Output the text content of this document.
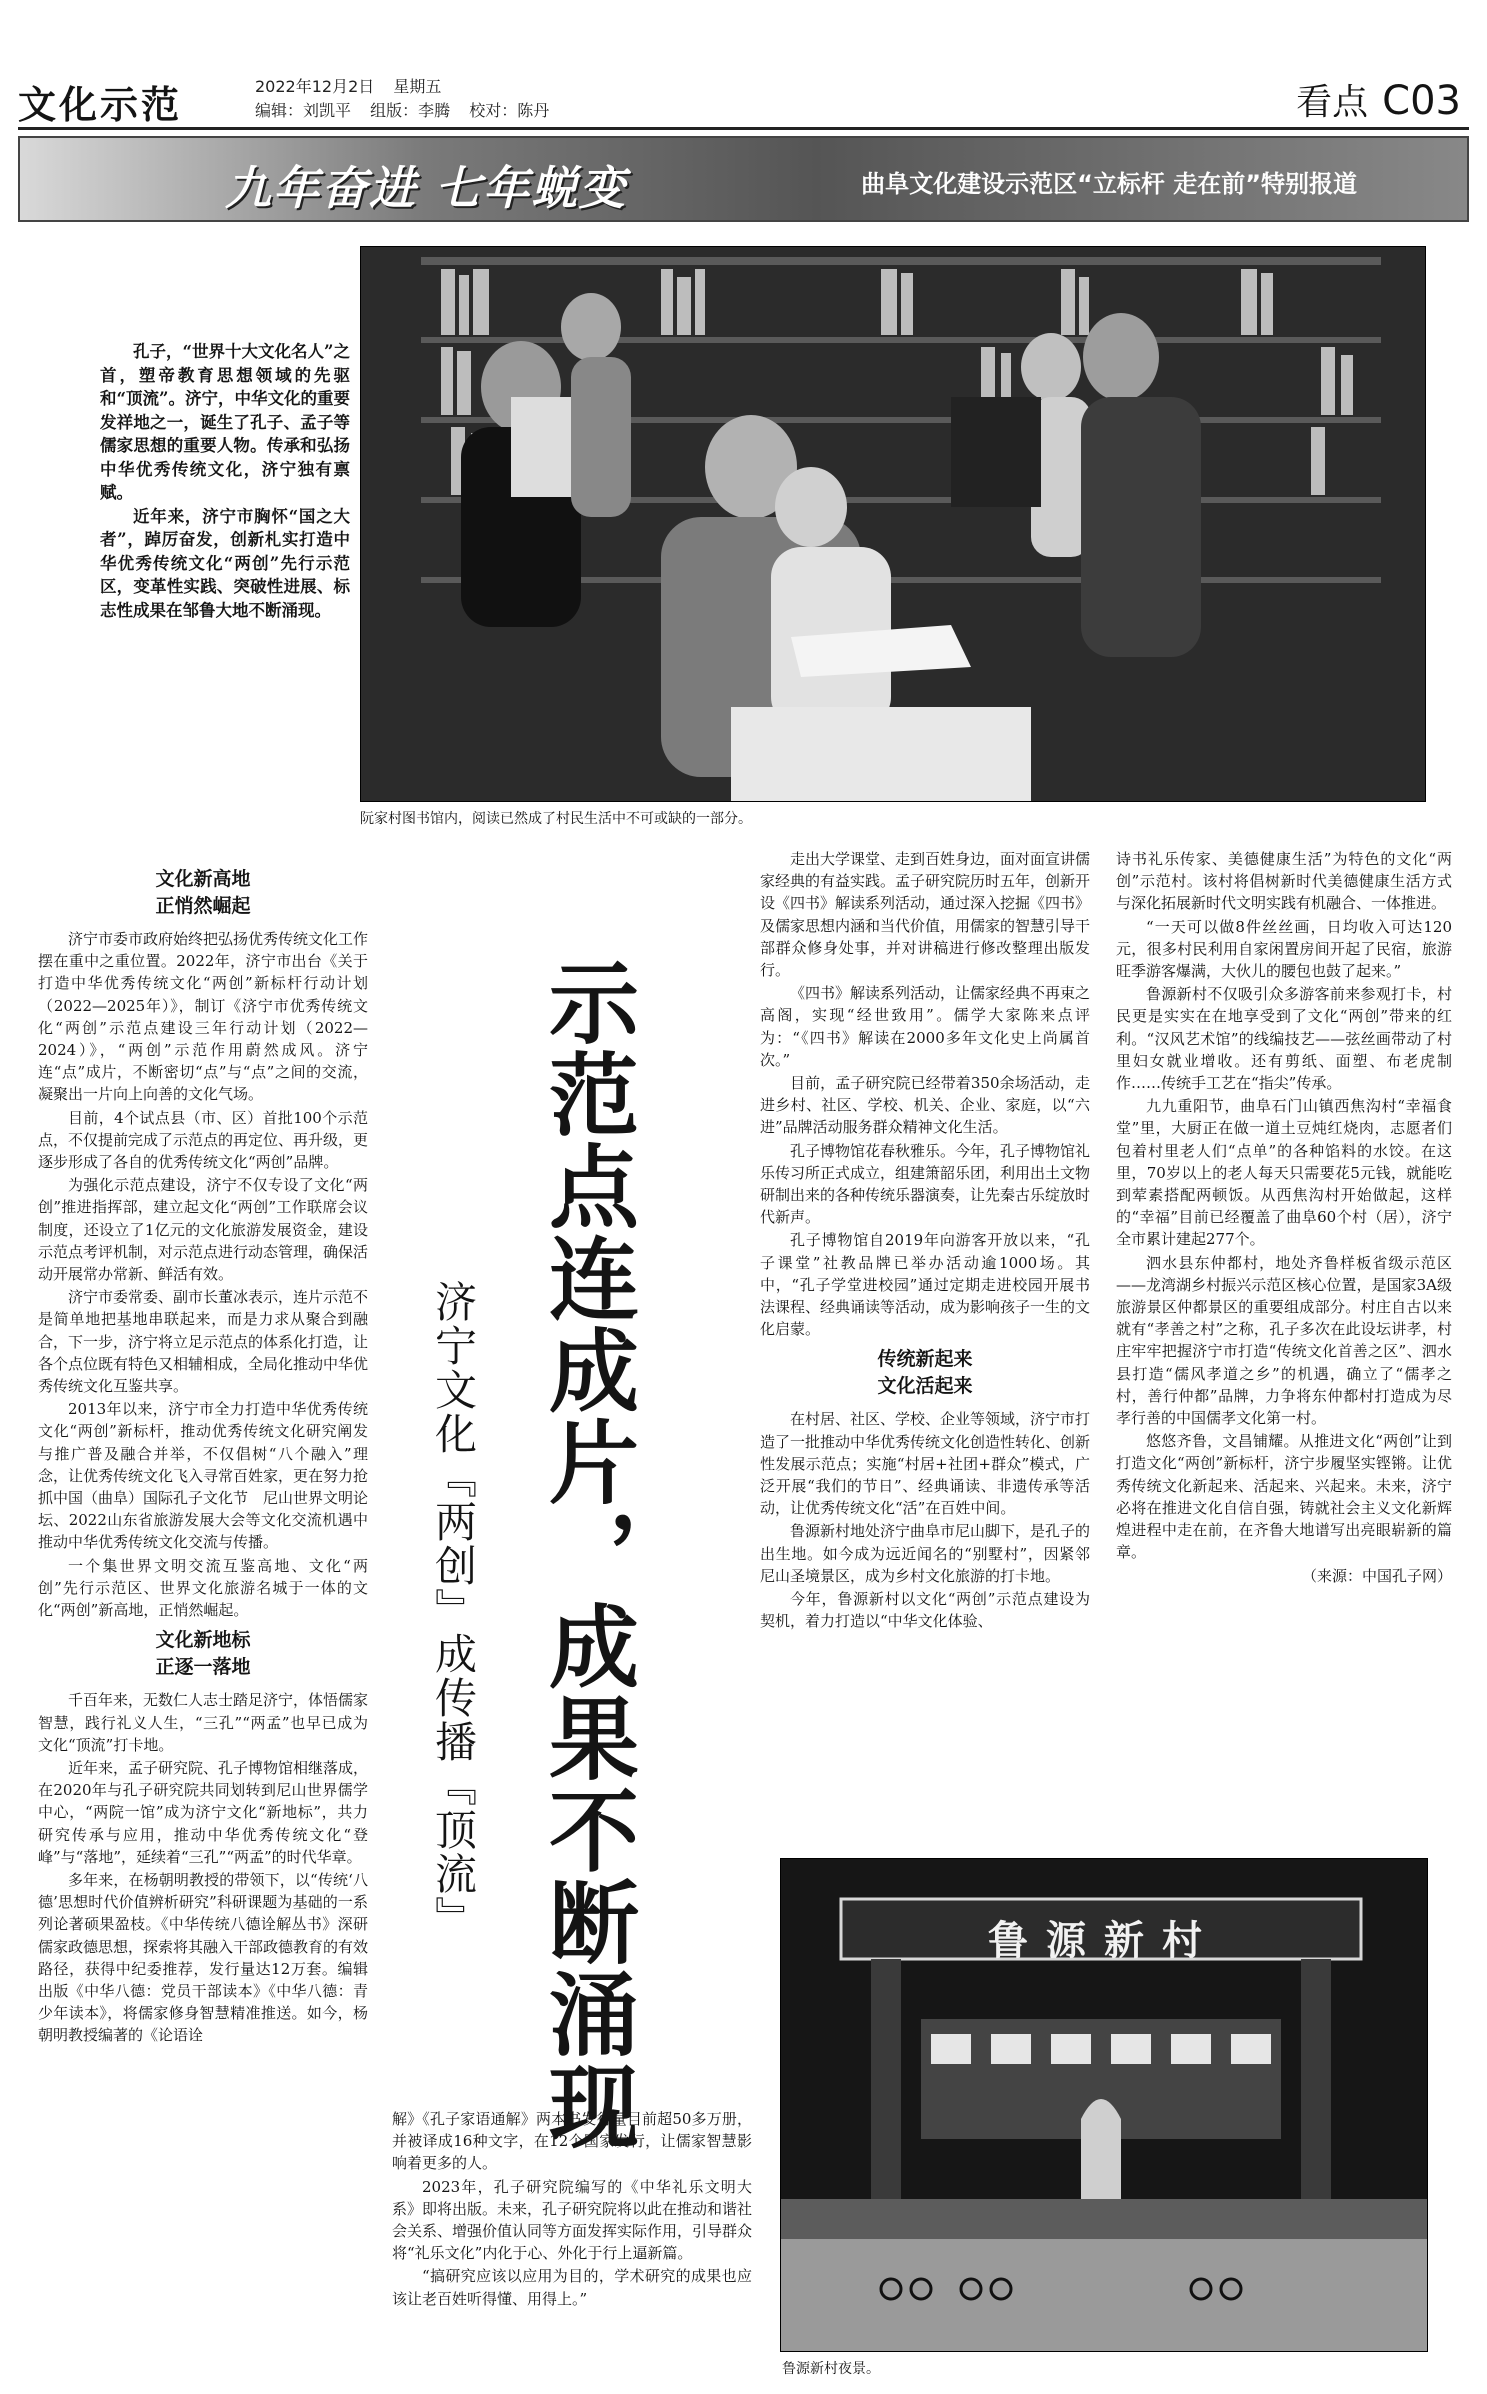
文化示范	2022年12月2日 星期五
编辑：刘凯平 组版：李腾 校对：陈丹	看点 C03
九年奋进 七年蜕变	曲阜文化建设示范区“立标杆 走在前”特别报道
阮家村图书馆内，阅读已然成了村民生活中不可或缺的一部分。

孔子，“世界十大文化名人”之首，塑帝教育思想领域的先驱和“顶流”。济宁，中华文化的重要发祥地之一，诞生了孔子、孟子等儒家思想的重要人物。传承和弘扬中华优秀传统文化，济宁独有禀赋。

近年来，济宁市胸怀“国之大者”，踔厉奋发，创新札实打造中华优秀传统文化“两创”先行示范区，变革性实践、突破性进展、标志性成果在邹鲁大地不断涌现。

文化新高地
正悄然崛起

济宁市委市政府始终把弘扬优秀传统文化工作摆在重中之重位置。2022年，济宁市出台《关于打造中华优秀传统文化“两创”新标杆行动计划（2022—2025年）》，制订《济宁市优秀传统文化“两创”示范点建设三年行动计划（2022—2024）》，“两创”示范作用蔚然成风。济宁连“点”成片，不断密切“点”与“点”之间的交流，凝聚出一片向上向善的文化气场。

目前，4个试点县（市、区）首批100个示范点，不仅提前完成了示范点的再定位、再升级，更逐步形成了各自的优秀传统文化“两创”品牌。

为强化示范点建设，济宁不仅专设了文化“两创”推进指挥部，建立起文化“两创”工作联席会议制度，还设立了1亿元的文化旅游发展资金，建设示范点考评机制，对示范点进行动态管理，确保活动开展常办常新、鲜活有效。

济宁市委常委、副市长董冰表示，连片示范不是简单地把基地串联起来，而是力求从聚合到融合，下一步，济宁将立足示范点的体系化打造，让各个点位既有特色又相辅相成，全局化推动中华优秀传统文化互鉴共享。

2013年以来，济宁市全力打造中华优秀传统文化“两创”新标杆，推动优秀传统文化研究阐发与推广普及融合并举，不仅倡树“八个融入”理念，让优秀传统文化飞入寻常百姓家，更在努力抢抓中国（曲阜）国际孔子文化节　尼山世界文明论坛、2022山东省旅游发展大会等文化交流机遇中推动中华优秀传统文化交流与传播。

一个集世界文明交流互鉴高地、文化“两创”先行示范区、世界文化旅游名城于一体的文化“两创”新高地，正悄然崛起。

文化新地标
正逐一落地

千百年来，无数仁人志士踏足济宁，体悟儒家智慧，践行礼义人生，“三孔”“两孟”也早已成为文化“顶流”打卡地。

近年来，孟子研究院、孔子博物馆相继落成，在2020年与孔子研究院共同划转到尼山世界儒学中心，“两院一馆”成为济宁文化“新地标”，共力研究传承与应用，推动中华优秀传统文化“登峰”与“落地”，延续着“三孔”“两孟”的时代华章。

多年来，在杨朝明教授的带领下，以“传统‘八德’思想时代价值辨析研究”科研课题为基础的一系列论著硕果盈枝。《中华传统八德诠解丛书》深研儒家政德思想，探索将其融入干部政德教育的有效路径，获得中纪委推荐，发行量达12万套。编辑出版《中华八德：党员干部读本》《中华八德：青少年读本》，将儒家修身智慧精准推送。如今，杨朝明教授编著的《论语诠	示范点连成片，成果不断涌现
济宁文化『两创』成传播『顶流』

解》《孔子家语通解》两本书发行量目前超50多万册，并被译成16种文字，在12个国家发行，让儒家智慧影响着更多的人。

2023年，孔子研究院编写的《中华礼乐文明大系》即将出版。未来，孔子研究院将以此在推动和谐社会关系、增强价值认同等方面发挥实际作用，引导群众将“礼乐文化”内化于心、外化于行上逼新篇。

“搞研究应该以应用为目的，学术研究的成果也应该让老百姓听得懂、用得上。”

走出大学课堂、走到百姓身边，面对面宣讲儒家经典的有益实践。孟子研究院历时五年，创新开设《四书》解读系列活动，通过深入挖掘《四书》及儒家思想内涵和当代价值，用儒家的智慧引导干部群众修身处事，并对讲稿进行修改整理出版发行。

《四书》解读系列活动，让儒家经典不再束之高阁，实现“经世致用”。儒学大家陈来点评为：“《四书》解读在2000多年文化史上尚属首次。”

目前，孟子研究院已经带着350余场活动，走进乡村、社区、学校、机关、企业、家庭，以“六进”品牌活动服务群众精神文化生活。

孔子博物馆花春秋雅乐。今年，孔子博物馆礼乐传习所正式成立，组建箫韶乐团，利用出土文物研制出来的各种传统乐器演奏，让先秦古乐绽放时代新声。

孔子博物馆自2019年向游客开放以来，“孔子课堂”社教品牌已举办活动逾1000场。其中，“孔子学堂进校园”通过定期走进校园开展书法课程、经典诵读等活动，成为影响孩子一生的文化启蒙。

传统新起来
文化活起来

在村居、社区、学校、企业等领域，济宁市打造了一批推动中华优秀传统文化创造性转化、创新性发展示范点；实施“村居+社团+群众”模式，广泛开展“我们的节日”、经典诵读、非遗传承等活动，让优秀传统文化“活”在百姓中间。

鲁源新村地处济宁曲阜市尼山脚下，是孔子的出生地。如今成为远近闻名的“别墅村”，因紧邻尼山圣境景区，成为乡村文化旅游的打卡地。

今年，鲁源新村以文化“两创”示范点建设为契机，着力打造以“中华文化体验、

诗书礼乐传家、美德健康生活”为特色的文化“两创”示范村。该村将倡树新时代美德健康生活方式与深化拓展新时代文明实践有机融合、一体推进。

“一天可以做8件丝丝画，日均收入可达120元，很多村民利用自家闲置房间开起了民宿，旅游旺季游客爆满，大伙儿的腰包也鼓了起来。”

鲁源新村不仅吸引众多游客前来参观打卡，村民更是实实在在地享受到了文化“两创”带来的红利。“汉风艺术馆”的线编技艺——弦丝画带动了村里妇女就业增收。还有剪纸、面塑、布老虎制作……传统手工艺在“指尖”传承。

九九重阳节，曲阜石门山镇西焦沟村“幸福食堂”里，大厨正在做一道土豆炖红烧肉，志愿者们包着村里老人们“点单”的各种馅料的水饺。在这里，70岁以上的老人每天只需要花5元钱，就能吃到荤素搭配两顿饭。从西焦沟村开始做起，这样的“幸福”目前已经覆盖了曲阜60个村（居），济宁全市累计建起277个。

泗水县东仲都村，地处齐鲁样板省级示范区——龙湾湖乡村振兴示范区核心位置，是国家3A级旅游景区仲都景区的重要组成部分。村庄自古以来就有“孝善之村”之称，孔子多次在此设坛讲孝，村庄牢牢把握济宁市打造“传统文化首善之区”、泗水县打造“儒风孝道之乡”的机遇，确立了“儒孝之村，善行仲都”品牌，力争将东仲都村打造成为尽孝行善的中国儒孝文化第一村。

悠悠齐鲁，文昌铺耀。从推进文化“两创”让到打造文化“两创”新标杆，济宁步履坚实铿锵。让优秀传统文化新起来、活起来、兴起来。未来，济宁必将在推进文化自信自强，铸就社会主义文化新辉煌进程中走在前，在齐鲁大地谱写出亮眼崭新的篇章。

（来源：中国孔子网）

鲁源新村
鲁源新村夜景。
